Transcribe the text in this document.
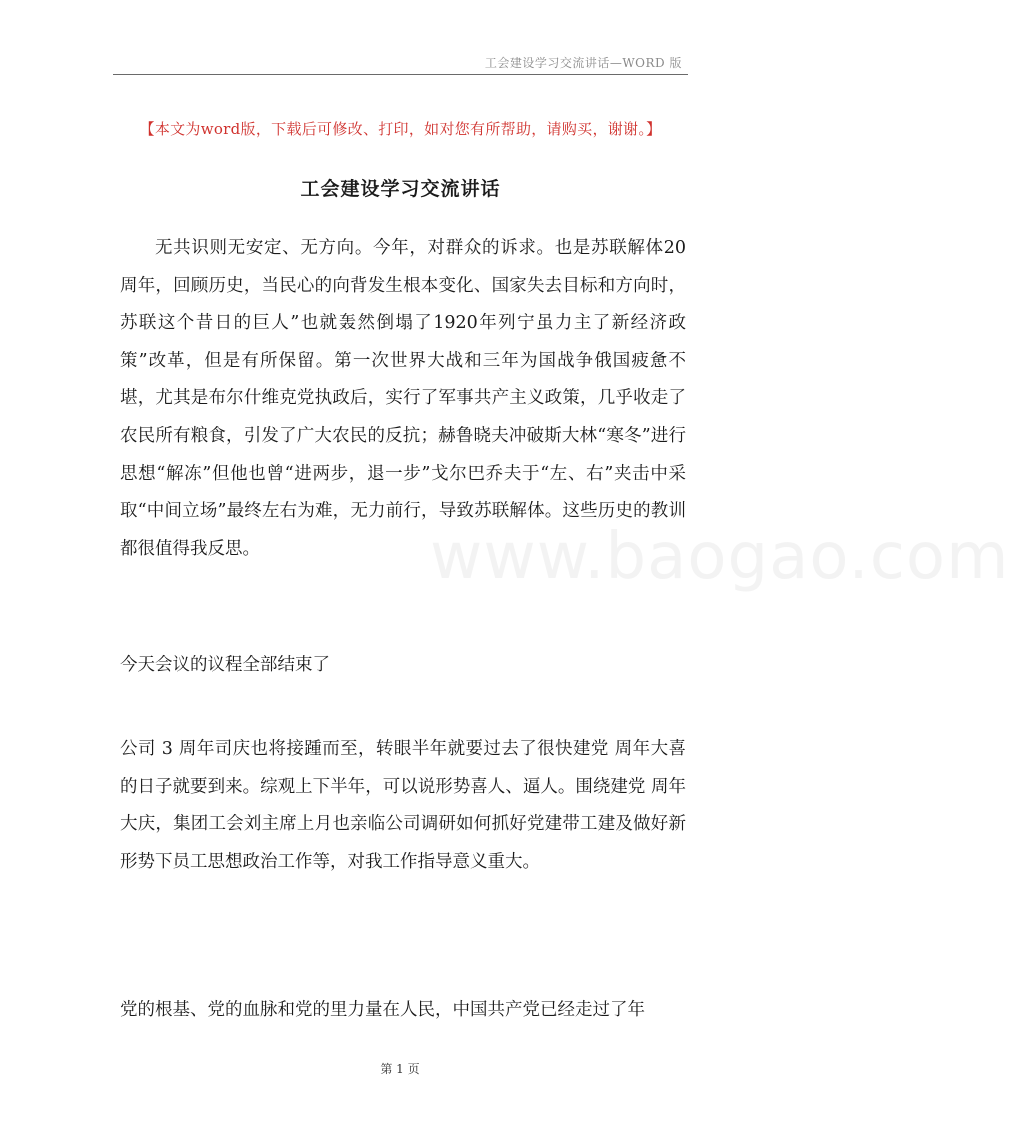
工会建设学习交流讲话—WORD 版
【本文为word版，下载后可修改、打印，如对您有所帮助，请购买，谢谢。】
工会建设学习交流讲话
www.baogao.com
无共识则无安定、无方向。今年，对群众的诉求。也是苏联解体20 周年，回顾历史，当民心的向背发生根本变化、国家失去目标和方向时，苏联这个昔日的巨人”也就轰然倒塌了1920年列宁虽力主了新经济政策”改革，但是有所保留。第一次世界大战和三年为国战争俄国疲惫不堪，尤其是布尔什维克党执政后，实行了军事共产主义政策，几乎收走了农民所有粮食，引发了广大农民的反抗；赫鲁晓夫冲破斯大林“寒冬”进行思想“解冻”但他也曾“进两步，退一步”戈尔巴乔夫于“左、右”夹击中采取“中间立场”最终左右为难，无力前行，导致苏联解体。这些历史的教训都很值得我反思。
今天会议的议程全部结束了
公司 3 周年司庆也将接踵而至，转眼半年就要过去了很快建党 周年大喜的日子就要到来。综观上下半年，可以说形势喜人、逼人。围绕建党 周年大庆，集团工会刘主席上月也亲临公司调研如何抓好党建带工建及做好新形势下员工思想政治工作等，对我工作指导意义重大。
党的根基、党的血脉和党的里力量在人民，中国共产党已经走过了年
第 1 页
